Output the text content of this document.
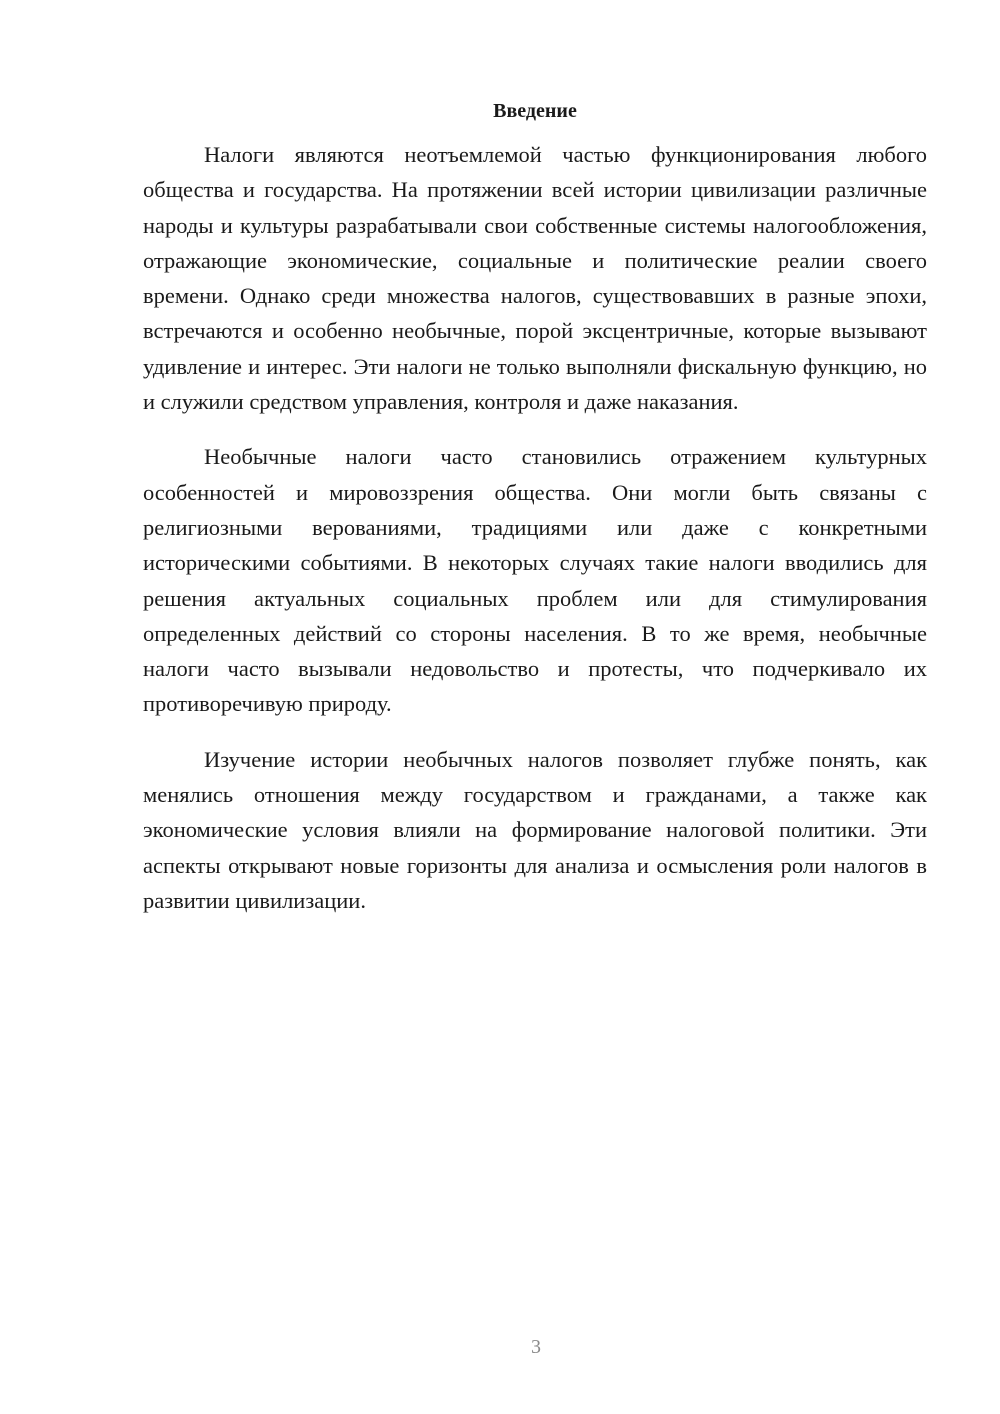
Введение

Налоги являются неотъемлемой частью функционирования любого общества и государства. На протяжении всей истории цивилизации различные народы и культуры разрабатывали свои собственные системы налогообложения, отражающие экономические, социальные и политические реалии своего времени. Однако среди множества налогов, существовавших в разные эпохи, встречаются и особенно необычные, порой эксцентричные, которые вызывают удивление и интерес. Эти налоги не только выполняли фискальную функцию, но и служили средством управления, контроля и даже наказания.

Необычные налоги часто становились отражением культурных особенностей и мировоззрения общества. Они могли быть связаны с религиозными верованиями, традициями или даже с конкретными историческими событиями. В некоторых случаях такие налоги вводились для решения актуальных социальных проблем или для стимулирования определенных действий со стороны населения. В то же время, необычные налоги часто вызывали недовольство и протесты, что подчеркивало их противоречивую природу.

Изучение истории необычных налогов позволяет глубже понять, как менялись отношения между государством и гражданами, а также как экономические условия влияли на формирование налоговой политики. Эти аспекты открывают новые горизонты для анализа и осмысления роли налогов в развитии цивилизации.

3
